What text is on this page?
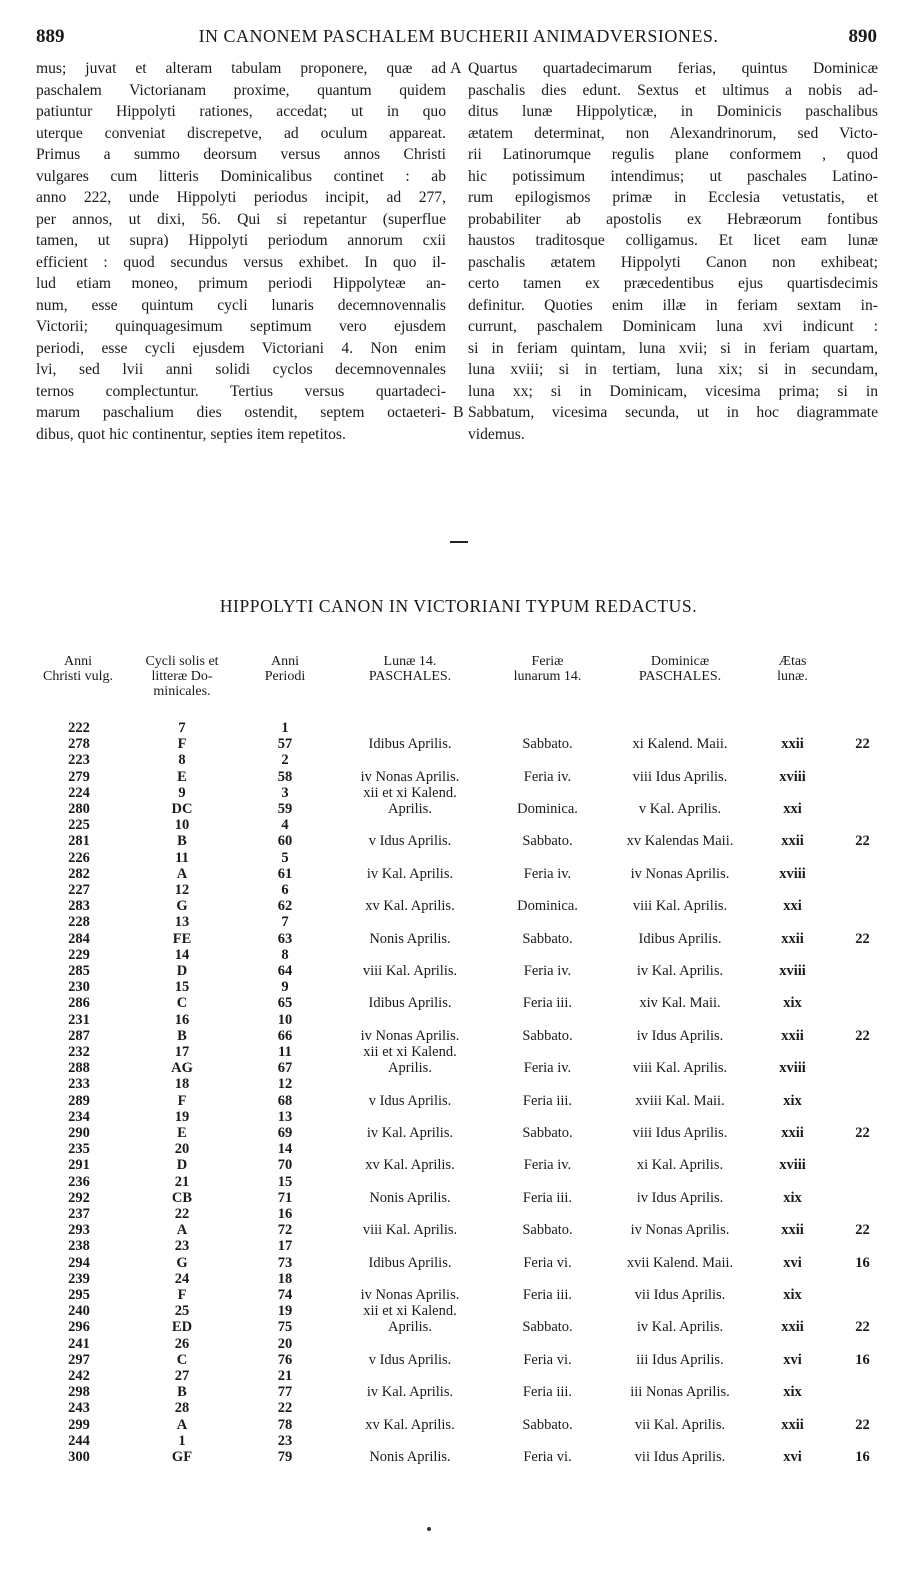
889	IN CANONEM PASCHALEM BUCHERII ANIMADVERSIONES.	890
mus; juvat et alteram tabulam proponere, quæ ad
paschalem Victorianam proxime, quantum quidem
patiuntur Hippolyti rationes, accedat; ut in quo
uterque conveniat discrepetve, ad oculum appareat.
Primus a summo deorsum versus annos Christi
vulgares cum litteris Dominicalibus continet : ab
anno 222, unde Hippolyti periodus incipit, ad 277,
per annos, ut dixi, 56. Qui si repetantur (superflue
tamen, ut supra) Hippolyti periodum annorum cxii
efficient : quod secundus versus exhibet. In quo il-
lud etiam moneo, primum periodi Hippolyteæ an-
num, esse quintum cycli lunaris decemnovennalis
Victorii; quinquagesimum septimum vero ejusdem
periodi, esse cycli ejusdem Victoriani 4. Non enim
lvi, sed lvii anni solidi cyclos decemnovennales
ternos complectuntur. Tertius versus quartadeci-
marum paschalium dies ostendit, septem octaeteri-
dibus, quot hic continentur, septies item repetitos.
Quartus quartadecimarum ferias, quintus Dominicæ
paschalis dies edunt. Sextus et ultimus a nobis ad-
ditus lunæ Hippolyticæ, in Dominicis paschalibus
ætatem determinat, non Alexandrinorum, sed Victo-
rii Latinorumque regulis plane conformem , quod
hic potissimum intendimus; ut paschales Latino-
rum epilogismos primæ in Ecclesia vetustatis, et
probabiliter ab apostolis ex Hebræorum fontibus
haustos traditosque colligamus. Et licet eam lunæ
paschalis ætatem Hippolyti Canon non exhibeat;
certo tamen ex præcedentibus ejus quartisdecimis
definitur. Quoties enim illæ in feriam sextam in-
currunt, paschalem Dominicam luna xvi indicunt :
si in feriam quintam, luna xvii; si in feriam quartam,
luna xviii; si in tertiam, luna xix; si in secundam,
luna xx; si in Dominicam, vicesima prima; si in
Sabbatum, vicesima secunda, ut in hoc diagrammate
videmus.
A
B
HIPPOLYTI CANON IN VICTORIANI TYPUM REDACTUS.
Anni
Christi vulg.
Cycli solis et
litteræ Do-
minicales.
Anni
Periodi
Lunæ 14.
PASCHALES.
Feriæ
lunarum 14.
Dominicæ
PASCHALES.
Ætas
lunæ.
222	7	1
278	F	57	Idibus Aprilis.	Sabbato.	xi Kalend. Maii.	xxii	22
223	8	2
279	E	58	iv Nonas Aprilis.	Feria iv.	viii Idus Aprilis.	xviii
224	9	3	xii et xi Kalend.
280	DC	59	Aprilis.	Dominica.	v Kal. Aprilis.	xxi
225	10	4
281	B	60	v Idus Aprilis.	Sabbato.	xv Kalendas Maii.	xxii	22
226	11	5
282	A	61	iv Kal. Aprilis.	Feria iv.	iv Nonas Aprilis.	xviii
227	12	6
283	G	62	xv Kal. Aprilis.	Dominica.	viii Kal. Aprilis.	xxi
228	13	7
284	FE	63	Nonis Aprilis.	Sabbato.	Idibus Aprilis.	xxii	22
229	14	8
285	D	64	viii Kal. Aprilis.	Feria iv.	iv Kal. Aprilis.	xviii
230	15	9
286	C	65	Idibus Aprilis.	Feria iii.	xiv Kal. Maii.	xix
231	16	10
287	B	66	iv Nonas Aprilis.	Sabbato.	iv Idus Aprilis.	xxii	22
232	17	11	xii et xi Kalend.
288	AG	67	Aprilis.	Feria iv.	viii Kal. Aprilis.	xviii
233	18	12
289	F	68	v Idus Aprilis.	Feria iii.	xviii Kal. Maii.	xix
234	19	13
290	E	69	iv Kal. Aprilis.	Sabbato.	viii Idus Aprilis.	xxii	22
235	20	14
291	D	70	xv Kal. Aprilis.	Feria iv.	xi Kal. Aprilis.	xviii
236	21	15
292	CB	71	Nonis Aprilis.	Feria iii.	iv Idus Aprilis.	xix
237	22	16
293	A	72	viii Kal. Aprilis.	Sabbato.	iv Nonas Aprilis.	xxii	22
238	23	17
294	G	73	Idibus Aprilis.	Feria vi.	xvii Kalend. Maii.	xvi	16
239	24	18
295	F	74	iv Nonas Aprilis.	Feria iii.	vii Idus Aprilis.	xix
240	25	19	xii et xi Kalend.
296	ED	75	Aprilis.	Sabbato.	iv Kal. Aprilis.	xxii	22
241	26	20
297	C	76	v Idus Aprilis.	Feria vi.	iii Idus Aprilis.	xvi	16
242	27	21
298	B	77	iv Kal. Aprilis.	Feria iii.	iii Nonas Aprilis.	xix
243	28	22
299	A	78	xv Kal. Aprilis.	Sabbato.	vii Kal. Aprilis.	xxii	22
244	1	23
300	GF	79	Nonis Aprilis.	Feria vi.	vii Idus Aprilis.	xvi	16
